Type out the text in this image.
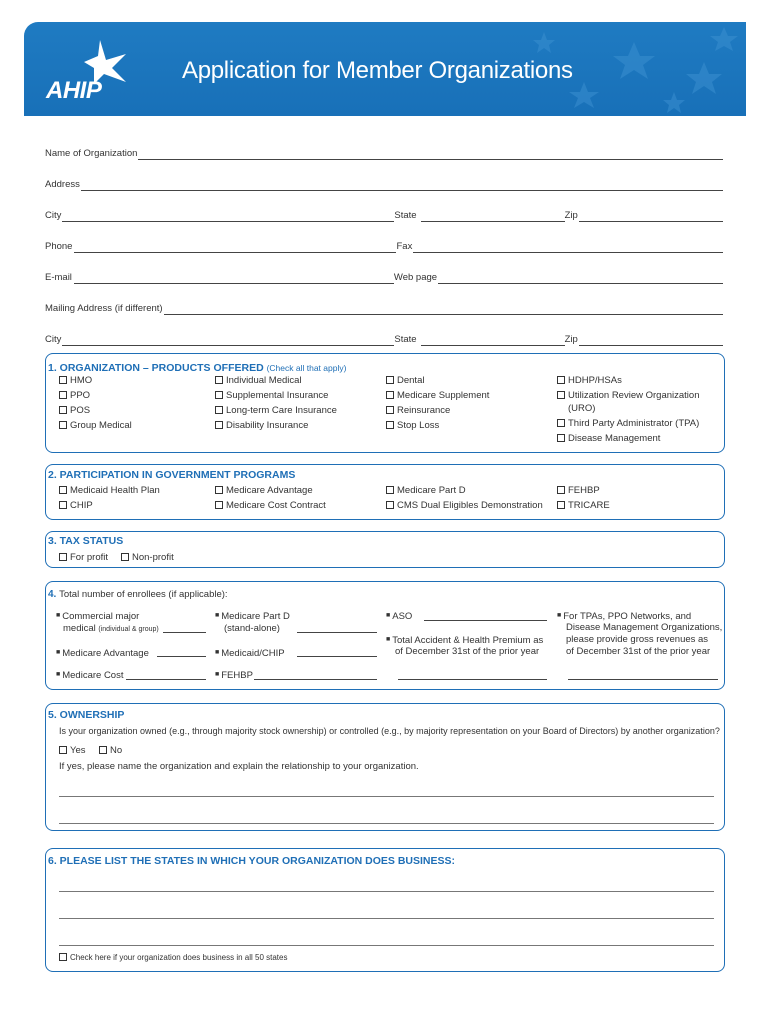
AHIP
Application for Member Organizations
Name of Organization
Address
City	State	Zip
Phone	Fax
E-mail	Web page
Mailing Address (if different)
City	State	Zip
1. ORGANIZATION – PRODUCTS OFFERED (Check all that apply)
HMO
PPO
POS
Group Medical
Individual Medical
Supplemental Insurance
Long-term Care Insurance
Disability Insurance
Dental
Medicare Supplement
Reinsurance
Stop Loss
HDHP/HSAs
Utilization Review Organization
(URO)
Third Party Administrator (TPA)
Disease Management
2. PARTICIPATION IN GOVERNMENT PROGRAMS
Medicaid Health Plan	Medicare Advantage	Medicare Part D	FEHBP
CHIP	Medicare Cost Contract	CMS Dual Eligibles Demonstration	TRICARE
3. TAX STATUS
For profit	Non-profit
4. Total number of enrollees (if applicable):
■ Commercial major
medical (individual & group)
■ Medicare Advantage
■ Medicare Cost
■ Medicare Part D
(stand-alone)
■ Medicaid/CHIP
■ FEHBP
■ ASO
■ Total Accident & Health Premium as
of December 31st of the prior year
■ For TPAs, PPO Networks, and
Disease Management Organizations,
please provide gross revenues as
of December 31st of the prior year
5. OWNERSHIP
Is your organization owned (e.g., through majority stock ownership) or controlled (e.g., by majority representation on your Board of Directors) by another organization?
Yes	No
If yes, please name the organization and explain the relationship to your organization.
6. PLEASE LIST THE STATES IN WHICH YOUR ORGANIZATION DOES BUSINESS:
Check here if your organization does business in all 50 states
